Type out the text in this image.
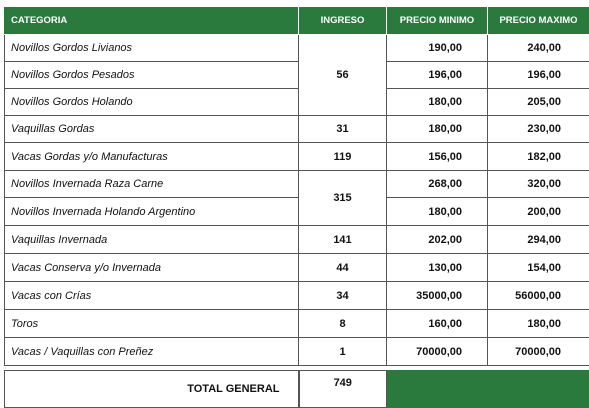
CATEGORIA	INGRESO	PRECIO MINIMO	PRECIO MAXIMO
Novillos Gordos Livianos	56	190,00	240,00
Novillos Gordos Pesados		196,00	196,00
Novillos Gordos Holando		180,00	205,00
Vaquillas Gordas	31	180,00	230,00
Vacas Gordas y/o Manufacturas	119	156,00	182,00
Novillos Invernada Raza Carne	315	268,00	320,00
Novillos Invernada Holando Argentino		180,00	200,00
Vaquillas Invernada	141	202,00	294,00
Vacas Conserva y/o Invernada	44	130,00	154,00
Vacas con Crías	34	35000,00	56000,00
Toros	8	160,00	180,00
Vacas / Vaquillas con Preñez	1	70000,00	70000,00

TOTAL GENERAL	749		
